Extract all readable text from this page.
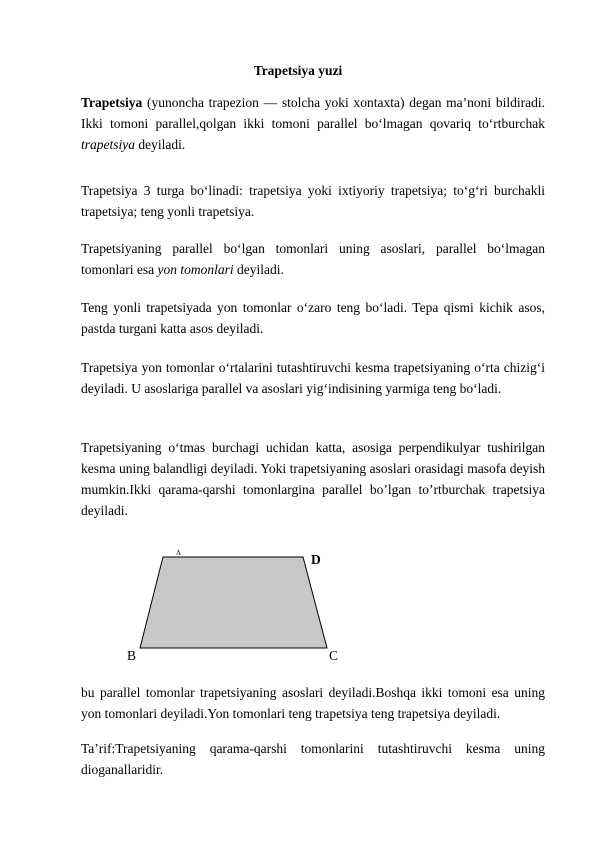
Trapetsiya yuzi

Trapetsiya (yunoncha trapezion — stolcha yoki xontaxta) degan ma’noni bildiradi. Ikki tomoni parallel,qolgan ikki tomoni parallel bo‘lmagan qovariq to‘rtburchak trapetsiya deyiladi.

Trapetsiya 3 turga bo‘linadi: trapetsiya yoki ixtiyoriy trapetsiya; to‘g‘ri burchakli trapetsiya; teng yonli trapetsiya.

Trapetsiyaning parallel bo‘lgan tomonlari uning asoslari, parallel bo‘lmagan tomonlari esa yon tomonlari deyiladi.

Teng yonli trapetsiyada yon tomonlar o‘zaro teng bo‘ladi. Tepa qismi kichik asos, pastda turgani katta asos deyiladi.

Trapetsiya yon tomonlar o‘rtalarini tutashtiruvchi kesma trapetsiyaning o‘rta chizig‘i deyiladi. U asoslariga parallel va asoslari yig‘indisining yarmiga teng bo‘ladi.

Trapetsiyaning o‘tmas burchagi uchidan katta, asosiga perpendikulyar tushirilgan kesma uning balandligi deyiladi. Yoki trapetsiyaning asoslari orasidagi masofa deyish mumkin.Ikki qarama-qarshi tomonlargina parallel bo’lgan to’rtburchak trapetsiya deyiladi.

A	D
B	C

bu parallel tomonlar trapetsiyaning asoslari deyiladi.Boshqa ikki tomoni esa uning yon tomonlari deyiladi.Yon tomonlari teng trapetsiya teng trapetsiya deyiladi.

Ta’rif:Trapetsiyaning qarama-qarshi tomonlarini tutashtiruvchi kesma uning dioganallaridir.
